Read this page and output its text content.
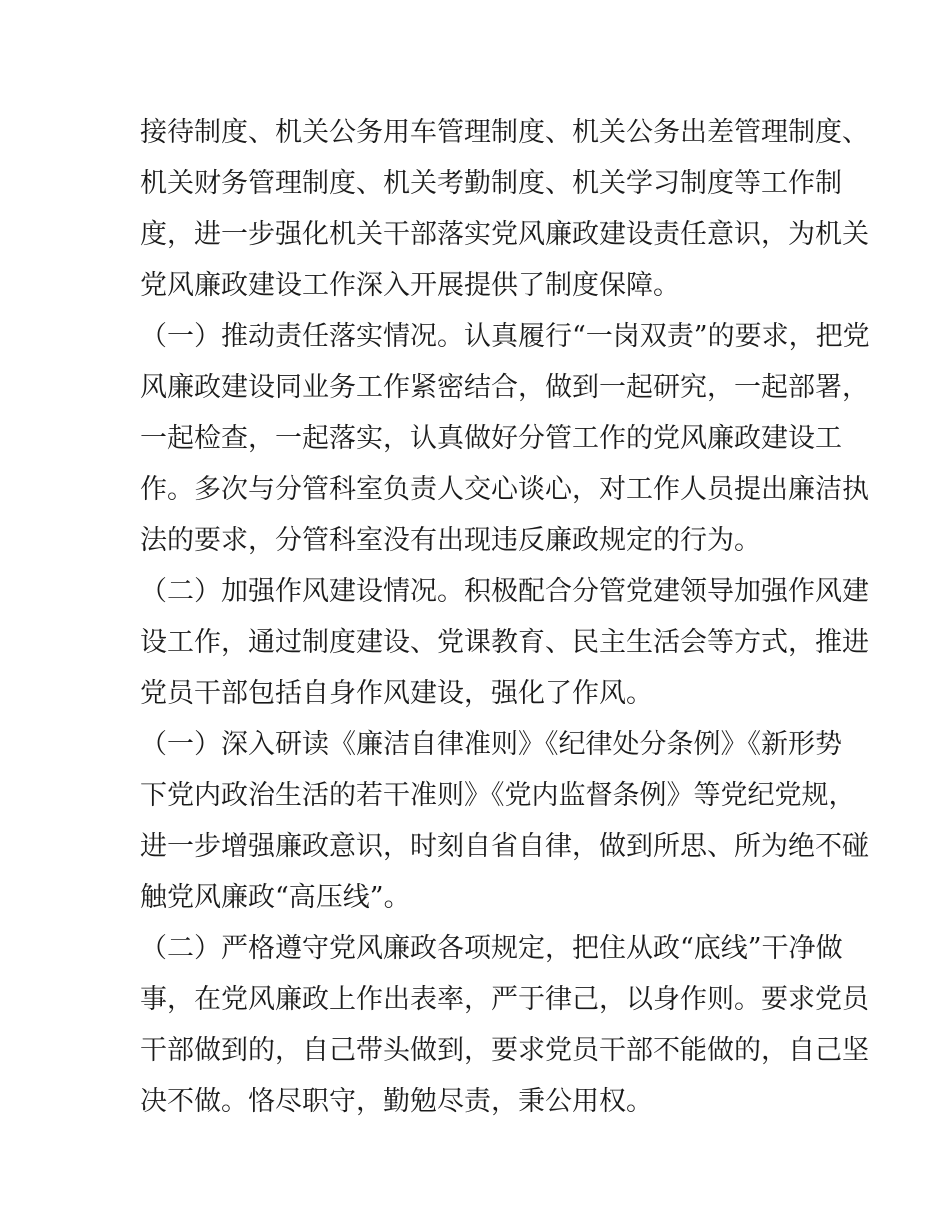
接待制度、机关公务用车管理制度、机关公务出差管理制度、
机关财务管理制度、机关考勤制度、机关学习制度等工作制
度，进一步强化机关干部落实党风廉政建设责任意识，为机关
党风廉政建设工作深入开展提供了制度保障。
（一）推动责任落实情况。认真履行“一岗双责”的要求，把党
风廉政建设同业务工作紧密结合，做到一起研究，一起部署，
一起检查，一起落实，认真做好分管工作的党风廉政建设工
作。多次与分管科室负责人交心谈心，对工作人员提出廉洁执
法的要求，分管科室没有出现违反廉政规定的行为。
（二）加强作风建设情况。积极配合分管党建领导加强作风建
设工作，通过制度建设、党课教育、民主生活会等方式，推进
党员干部包括自身作风建设，强化了作风。
（一）深入研读《廉洁自律准则》《纪律处分条例》《新形势
下党内政治生活的若干准则》《党内监督条例》等党纪党规，
进一步增强廉政意识，时刻自省自律，做到所思、所为绝不碰
触党风廉政“高压线”。
（二）严格遵守党风廉政各项规定，把住从政“底线”干净做
事，在党风廉政上作出表率，严于律己，以身作则。要求党员
干部做到的，自己带头做到，要求党员干部不能做的，自己坚
决不做。恪尽职守，勤勉尽责，秉公用权。
